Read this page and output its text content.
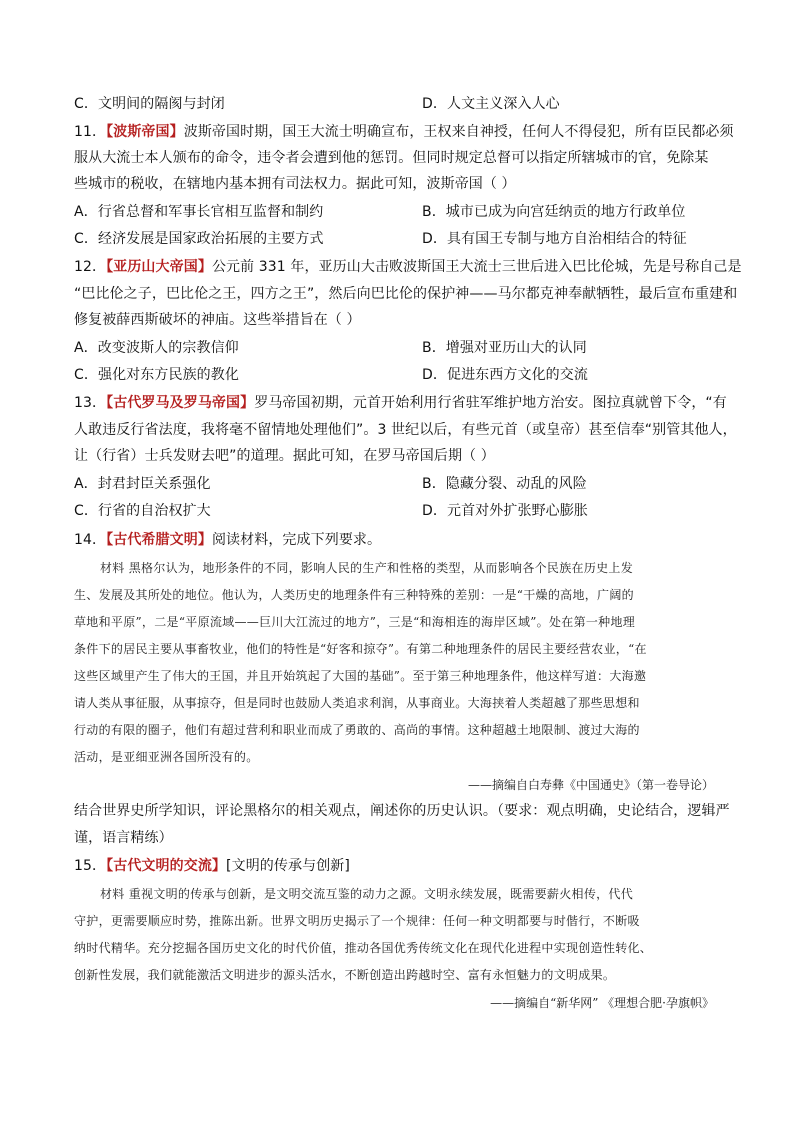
C．文明间的隔阂与封闭	D．人文主义深入人心
11．【波斯帝国】波斯帝国时期，国王大流士明确宣布，王权来自神授，任何人不得侵犯，所有臣民都必须
服从大流士本人颁布的命令，违令者会遭到他的惩罚。但同时规定总督可以指定所辖城市的官，免除某
些城市的税收，在辖地内基本拥有司法权力。据此可知，波斯帝国（ ）
A．行省总督和军事长官相互监督和制约	B．城市已成为向宫廷纳贡的地方行政单位
C．经济发展是国家政治拓展的主要方式	D．具有国王专制与地方自治相结合的特征
12．【亚历山大帝国】公元前 331 年，亚历山大击败波斯国王大流士三世后进入巴比伦城，先是号称自己是
“巴比伦之子，巴比伦之王，四方之王”，然后向巴比伦的保护神——马尔都克神奉献牺牲，最后宣布重建和
修复被薛西斯破坏的神庙。这些举措旨在（ ）
A．改变波斯人的宗教信仰	B．增强对亚历山大的认同
C．强化对东方民族的教化	D．促进东西方文化的交流
13．【古代罗马及罗马帝国】罗马帝国初期，元首开始利用行省驻军维护地方治安。图拉真就曾下令，“有
人敢违反行省法度，我将毫不留情地处理他们”。3 世纪以后，有些元首（或皇帝）甚至信奉“别管其他人，
让（行省）士兵发财去吧”的道理。据此可知，在罗马帝国后期（ ）
A．封君封臣关系强化	B．隐藏分裂、动乱的风险
C．行省的自治权扩大	D．元首对外扩张野心膨胀
14．【古代希腊文明】阅读材料，完成下列要求。
材料 黑格尔认为，地形条件的不同，影响人民的生产和性格的类型，从而影响各个民族在历史上发
生、发展及其所处的地位。他认为，人类历史的地理条件有三种特殊的差别：一是“干燥的高地，广阔的
草地和平原”，二是“平原流域——巨川大江流过的地方”，三是“和海相连的海岸区域”。处在第一种地理
条件下的居民主要从事畜牧业，他们的特性是“好客和掠夺”。有第二种地理条件的居民主要经营农业，“在
这些区域里产生了伟大的王国，并且开始筑起了大国的基础”。至于第三种地理条件，他这样写道：大海邀
请人类从事征服，从事掠夺，但是同时也鼓励人类追求利润，从事商业。大海挟着人类超越了那些思想和
行动的有限的圈子，他们有超过营利和职业而成了勇敢的、高尚的事情。这种超越土地限制、渡过大海的
活动，是亚细亚洲各国所没有的。
——摘编自白寿彝《中国通史》（第一卷导论）
结合世界史所学知识，评论黑格尔的相关观点，阐述你的历史认识。（要求：观点明确，史论结合，逻辑严
谨，语言精练）
15．【古代文明的交流】[文明的传承与创新]
材料 重视文明的传承与创新，是文明交流互鉴的动力之源。文明永续发展，既需要薪火相传，代代
守护，更需要顺应时势，推陈出新。世界文明历史揭示了一个规律：任何一种文明都要与时偕行，不断吸
纳时代精华。充分挖掘各国历史文化的时代价值，推动各国优秀传统文化在现代化进程中实现创造性转化、
创新性发展，我们就能激活文明进步的源头活水，不断创造出跨越时空、富有永恒魅力的文明成果。
——摘编自“新华网” 《理想合肥·孕旗帜》
